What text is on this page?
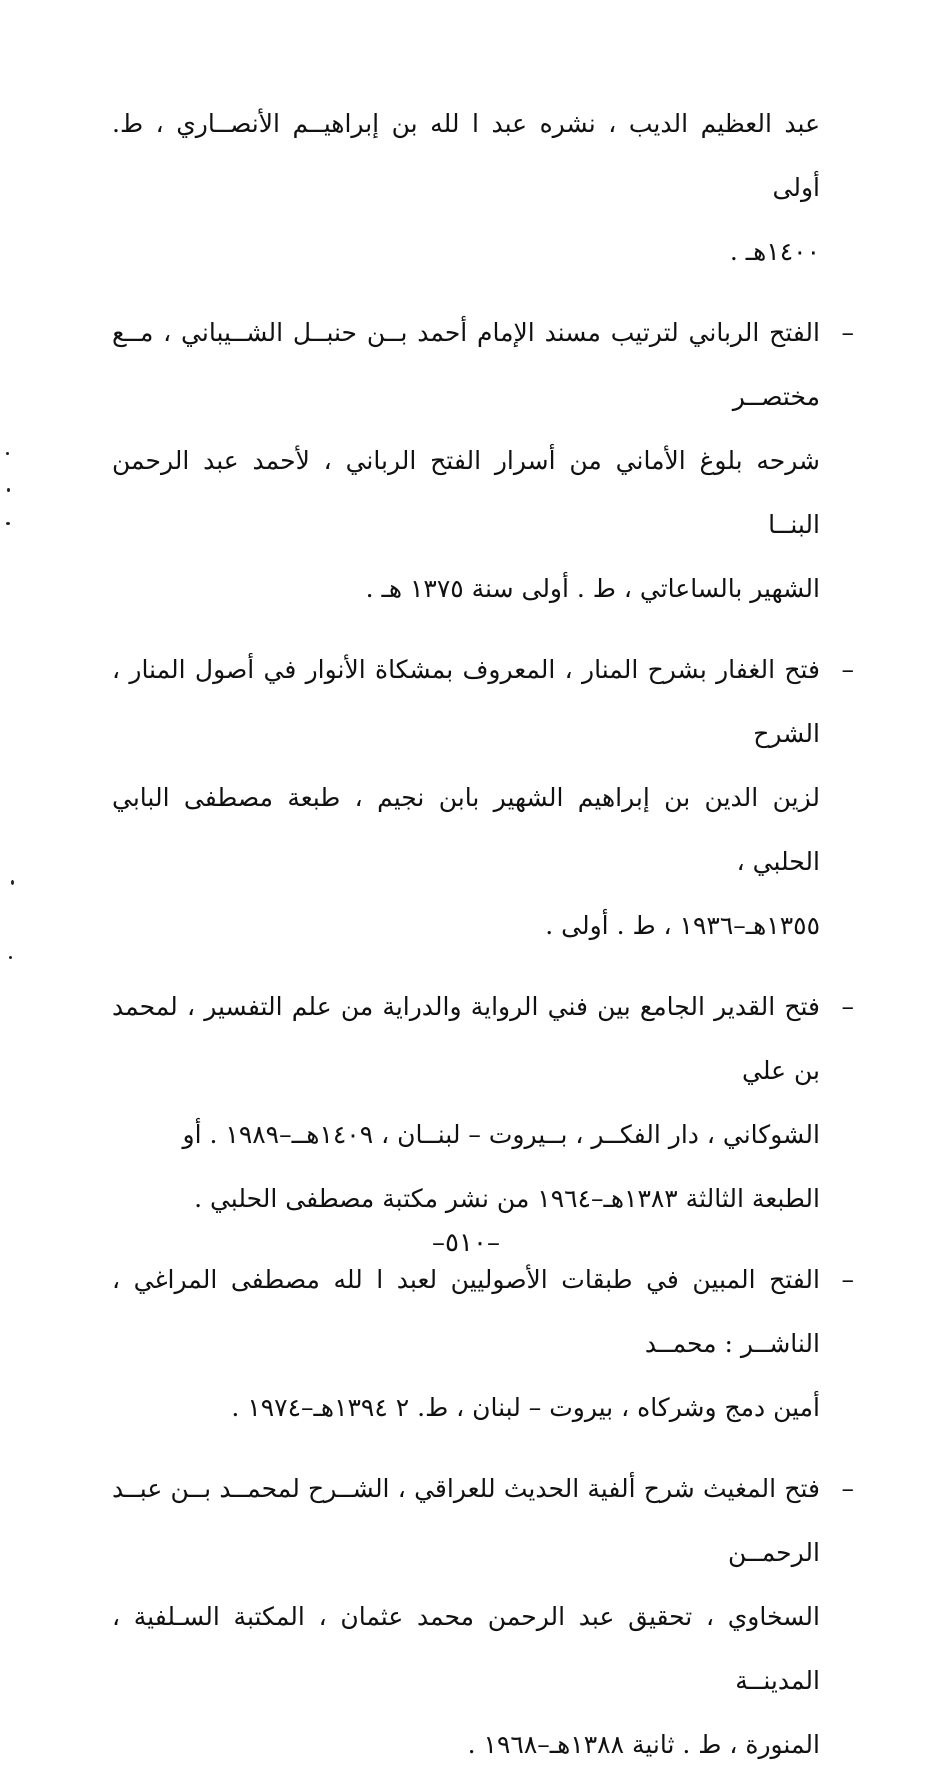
عبد العظيم الديب ، نشره عبد ا لله بن إبراهيــم الأنصــاري ، ط. أولى
١٤٠٠هـ .
–
الفتح الرباني لترتيب مسند الإمام أحمد بــن حنبــل الشــيباني ، مــع مختصــر
شرحه بلوغ الأماني من أسرار الفتح الرباني ، لأحمد عبد الرحمن البنــا
الشهير بالساعاتي ، ط . أولى سنة ١٣٧٥ هـ .
–
فتح الغفار بشرح المنار ، المعروف بمشكاة الأنوار في أصول المنار ، الشرح
لزين الدين بن إبراهيم الشهير بابن نجيم ، طبعة مصطفى البابي الحلبي ،
١٣٥٥هـ–١٩٣٦ ، ط . أولى .
–
فتح القدير الجامع بين فني الرواية والدراية من علم التفسير ، لمحمد بن علي
الشوكاني ، دار الفكــر ، بــيروت – لبنــان ، ١٤٠٩هــ–١٩٨٩ . أو
الطبعة الثالثة ١٣٨٣هـ–١٩٦٤ من نشر مكتبة مصطفى الحلبي .
–
الفتح المبين في طبقات الأصوليين لعبد ا لله مصطفى المراغي ، الناشــر : محمــد
أمين دمج وشركاه ، بيروت – لبنان ، ط. ٢ ١٣٩٤هـ–١٩٧٤ .
–
فتح المغيث شرح ألفية الحديث للعراقي ، الشــرح لمحمــد بــن عبــد الرحمــن
السخاوي ، تحقيق عبد الرحمن محمد عثمان ، المكتبة السـلفية ، المدينــة
المنورة ، ط . ثانية ١٣٨٨هـ–١٩٦٨ .
–٥١٠–
